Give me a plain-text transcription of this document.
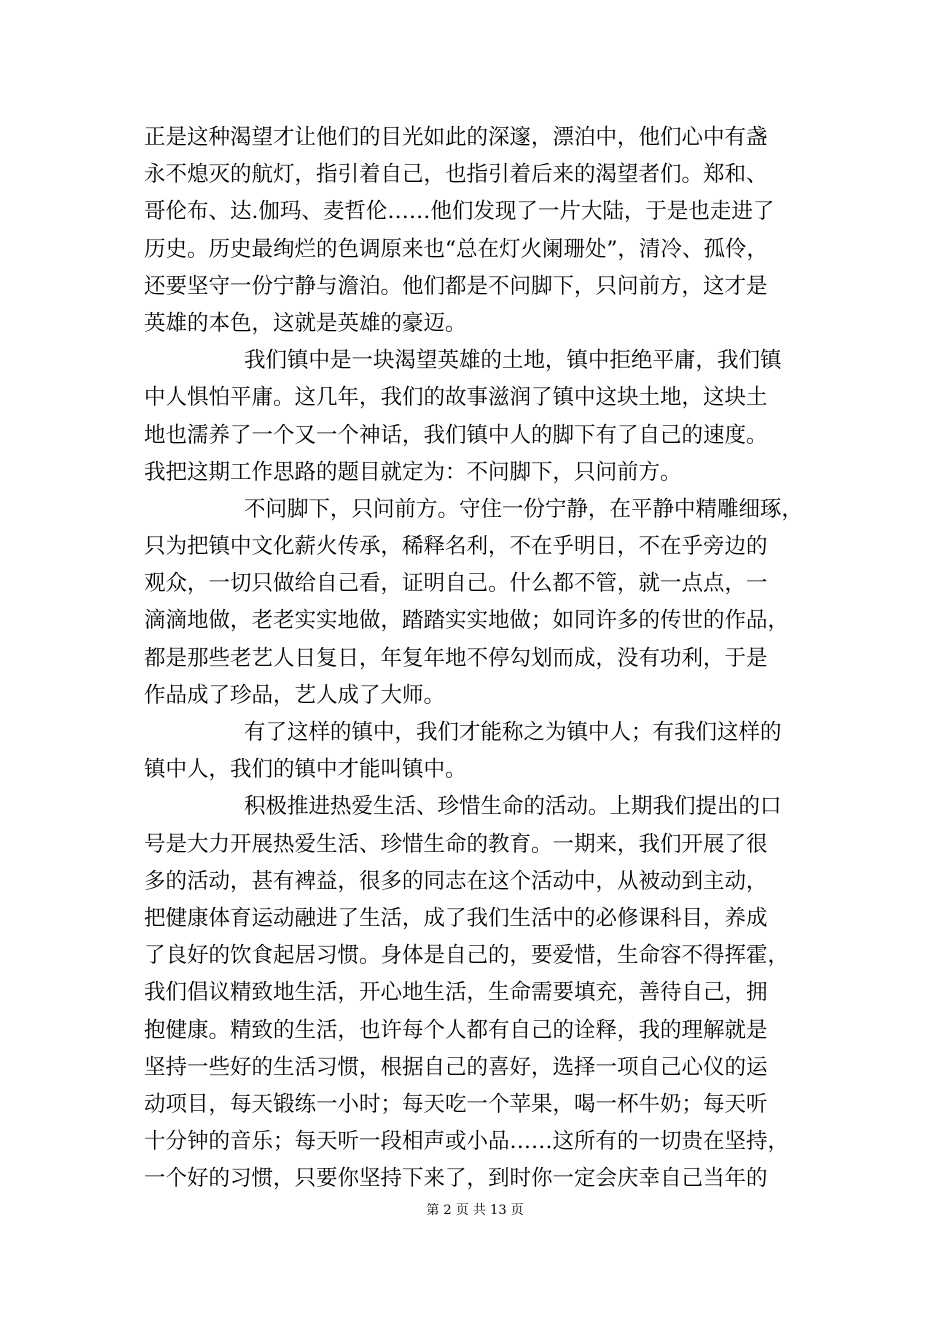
正是这种渴望才让他们的目光如此的深邃，漂泊中，他们心中有盏
永不熄灭的航灯，指引着自己，也指引着后来的渴望者们。郑和、
哥伦布、达.伽玛、麦哲伦……他们发现了一片大陆，于是也走进了
历史。历史最绚烂的色调原来也“总在灯火阑珊处”，清冷、孤伶，
还要坚守一份宁静与澹泊。他们都是不问脚下，只问前方，这才是
英雄的本色，这就是英雄的豪迈。
我们镇中是一块渴望英雄的土地，镇中拒绝平庸，我们镇
中人惧怕平庸。这几年，我们的故事滋润了镇中这块土地，这块土
地也濡养了一个又一个神话，我们镇中人的脚下有了自己的速度。
我把这期工作思路的题目就定为：不问脚下，只问前方。
不问脚下，只问前方。守住一份宁静，在平静中精雕细琢，
只为把镇中文化薪火传承，稀释名利，不在乎明日，不在乎旁边的
观众，一切只做给自己看，证明自己。什么都不管，就一点点，一
滴滴地做，老老实实地做，踏踏实实地做；如同许多的传世的作品，
都是那些老艺人日复日，年复年地不停勾划而成，没有功利，于是
作品成了珍品，艺人成了大师。
有了这样的镇中，我们才能称之为镇中人；有我们这样的
镇中人，我们的镇中才能叫镇中。
积极推进热爱生活、珍惜生命的活动。上期我们提出的口
号是大力开展热爱生活、珍惜生命的教育。一期来，我们开展了很
多的活动，甚有裨益，很多的同志在这个活动中，从被动到主动，
把健康体育运动融进了生活，成了我们生活中的必修课科目，养成
了良好的饮食起居习惯。身体是自己的，要爱惜，生命容不得挥霍，
我们倡议精致地生活，开心地生活，生命需要填充，善待自己，拥
抱健康。精致的生活，也许每个人都有自己的诠释，我的理解就是
坚持一些好的生活习惯，根据自己的喜好，选择一项自己心仪的运
动项目，每天锻练一小时；每天吃一个苹果，喝一杯牛奶；每天听
十分钟的音乐；每天听一段相声或小品……这所有的一切贵在坚持，
一个好的习惯，只要你坚持下来了，到时你一定会庆幸自己当年的
第 2 页 共 13 页
